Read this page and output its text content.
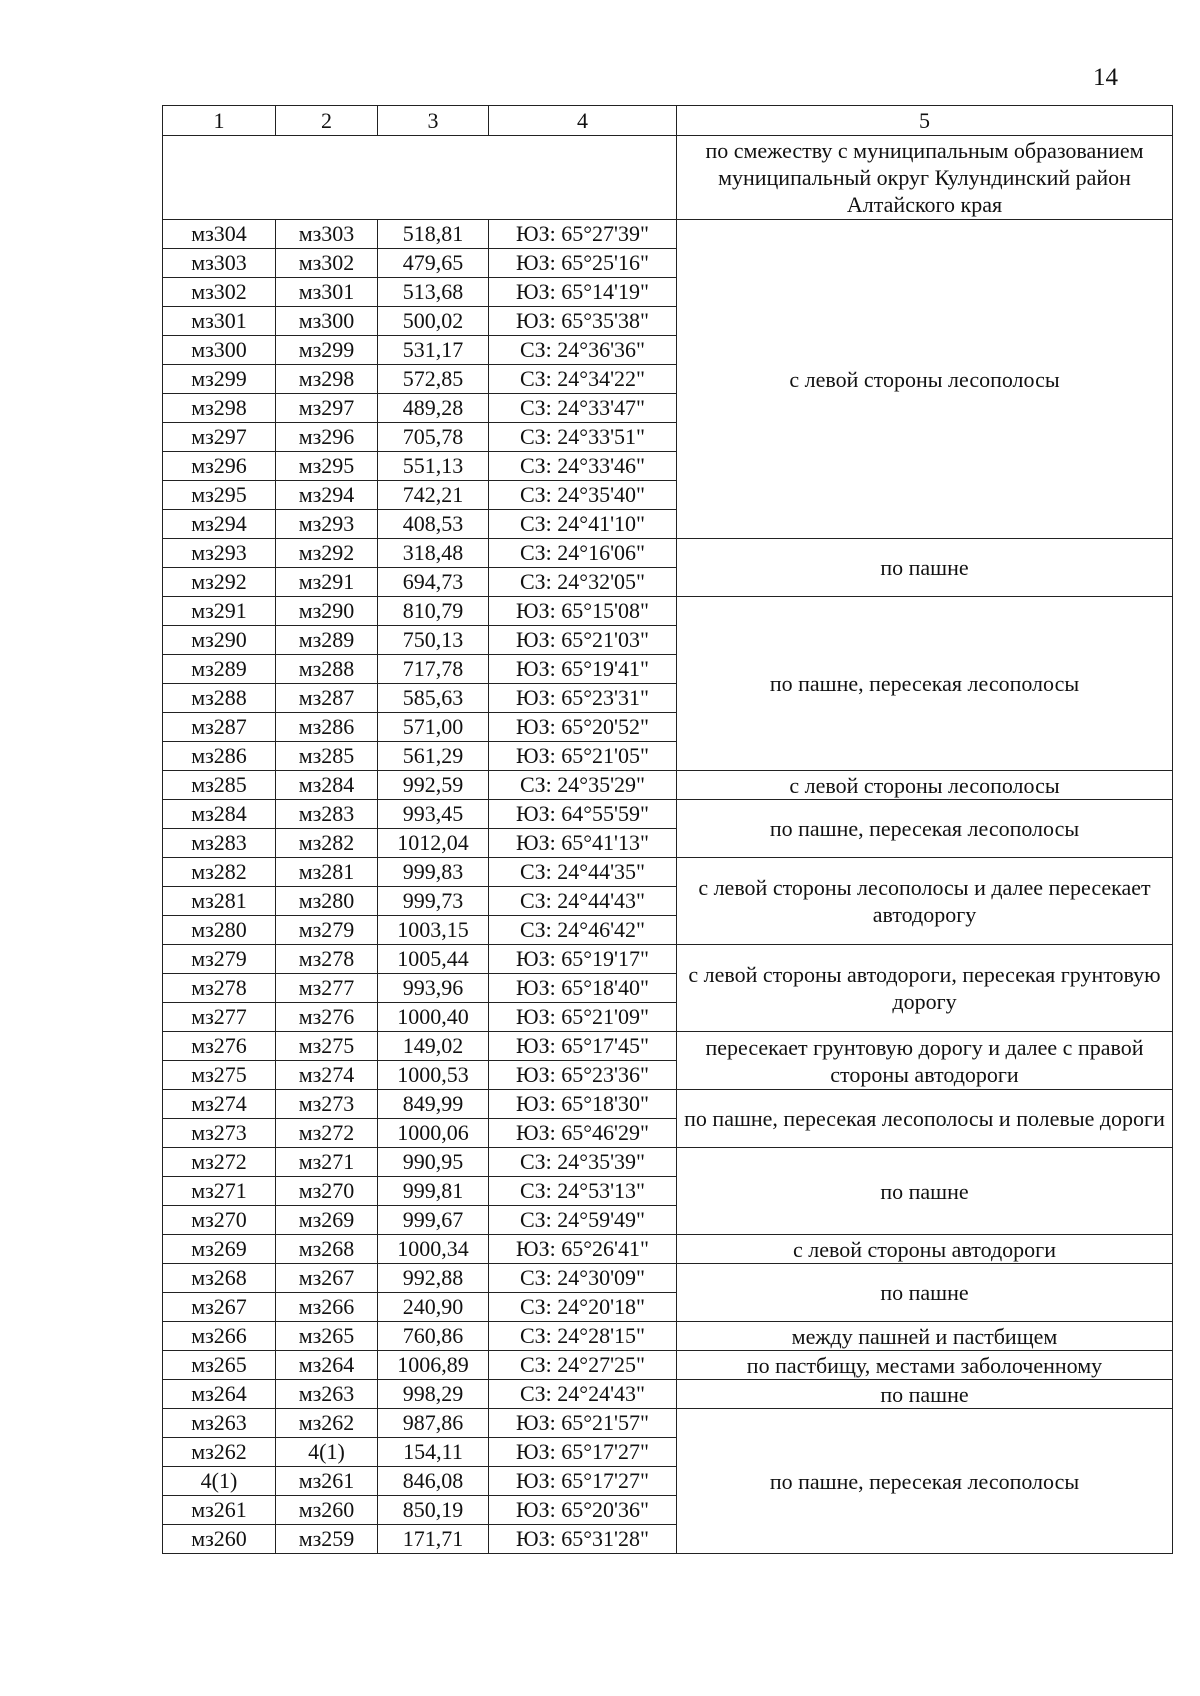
14
1	2	3	4	5
				по смежеству с муниципальным образованием муниципальный округ Кулундинский район Алтайского края
мз304	мз303	518,81	ЮЗ: 65°27'39"	с левой стороны лесополосы
мз303	мз302	479,65	ЮЗ: 65°25'16"	
мз302	мз301	513,68	ЮЗ: 65°14'19"	
мз301	мз300	500,02	ЮЗ: 65°35'38"	
мз300	мз299	531,17	СЗ: 24°36'36"	
мз299	мз298	572,85	СЗ: 24°34'22"	
мз298	мз297	489,28	СЗ: 24°33'47"	
мз297	мз296	705,78	СЗ: 24°33'51"	
мз296	мз295	551,13	СЗ: 24°33'46"	
мз295	мз294	742,21	СЗ: 24°35'40"	
мз294	мз293	408,53	СЗ: 24°41'10"	
мз293	мз292	318,48	СЗ: 24°16'06"	по пашне
мз292	мз291	694,73	СЗ: 24°32'05"	
мз291	мз290	810,79	ЮЗ: 65°15'08"	по пашне, пересекая лесополосы
мз290	мз289	750,13	ЮЗ: 65°21'03"	
мз289	мз288	717,78	ЮЗ: 65°19'41"	
мз288	мз287	585,63	ЮЗ: 65°23'31"	
мз287	мз286	571,00	ЮЗ: 65°20'52"	
мз286	мз285	561,29	ЮЗ: 65°21'05"	
мз285	мз284	992,59	СЗ: 24°35'29"	с левой стороны лесополосы
мз284	мз283	993,45	ЮЗ: 64°55'59"	по пашне, пересекая лесополосы
мз283	мз282	1012,04	ЮЗ: 65°41'13"	
мз282	мз281	999,83	СЗ: 24°44'35"	с левой стороны лесополосы и далее пересекает автодорогу
мз281	мз280	999,73	СЗ: 24°44'43"	
мз280	мз279	1003,15	СЗ: 24°46'42"	
мз279	мз278	1005,44	ЮЗ: 65°19'17"	с левой стороны автодороги, пересекая грунтовую дорогу
мз278	мз277	993,96	ЮЗ: 65°18'40"	
мз277	мз276	1000,40	ЮЗ: 65°21'09"	
мз276	мз275	149,02	ЮЗ: 65°17'45"	пересекает грунтовую дорогу и далее с правой стороны автодороги
мз275	мз274	1000,53	ЮЗ: 65°23'36"	
мз274	мз273	849,99	ЮЗ: 65°18'30"	по пашне, пересекая лесополосы и полевые дороги
мз273	мз272	1000,06	ЮЗ: 65°46'29"	
мз272	мз271	990,95	СЗ: 24°35'39"	по пашне
мз271	мз270	999,81	СЗ: 24°53'13"	
мз270	мз269	999,67	СЗ: 24°59'49"	
мз269	мз268	1000,34	ЮЗ: 65°26'41"	с левой стороны автодороги
мз268	мз267	992,88	СЗ: 24°30'09"	по пашне
мз267	мз266	240,90	СЗ: 24°20'18"	
мз266	мз265	760,86	СЗ: 24°28'15"	между пашней и пастбищем
мз265	мз264	1006,89	СЗ: 24°27'25"	по пастбищу, местами заболоченному
мз264	мз263	998,29	СЗ: 24°24'43"	по пашне
мз263	мз262	987,86	ЮЗ: 65°21'57"	по пашне, пересекая лесополосы
мз262	4(1)	154,11	ЮЗ: 65°17'27"	
4(1)	мз261	846,08	ЮЗ: 65°17'27"	
мз261	мз260	850,19	ЮЗ: 65°20'36"	
мз260	мз259	171,71	ЮЗ: 65°31'28"	
